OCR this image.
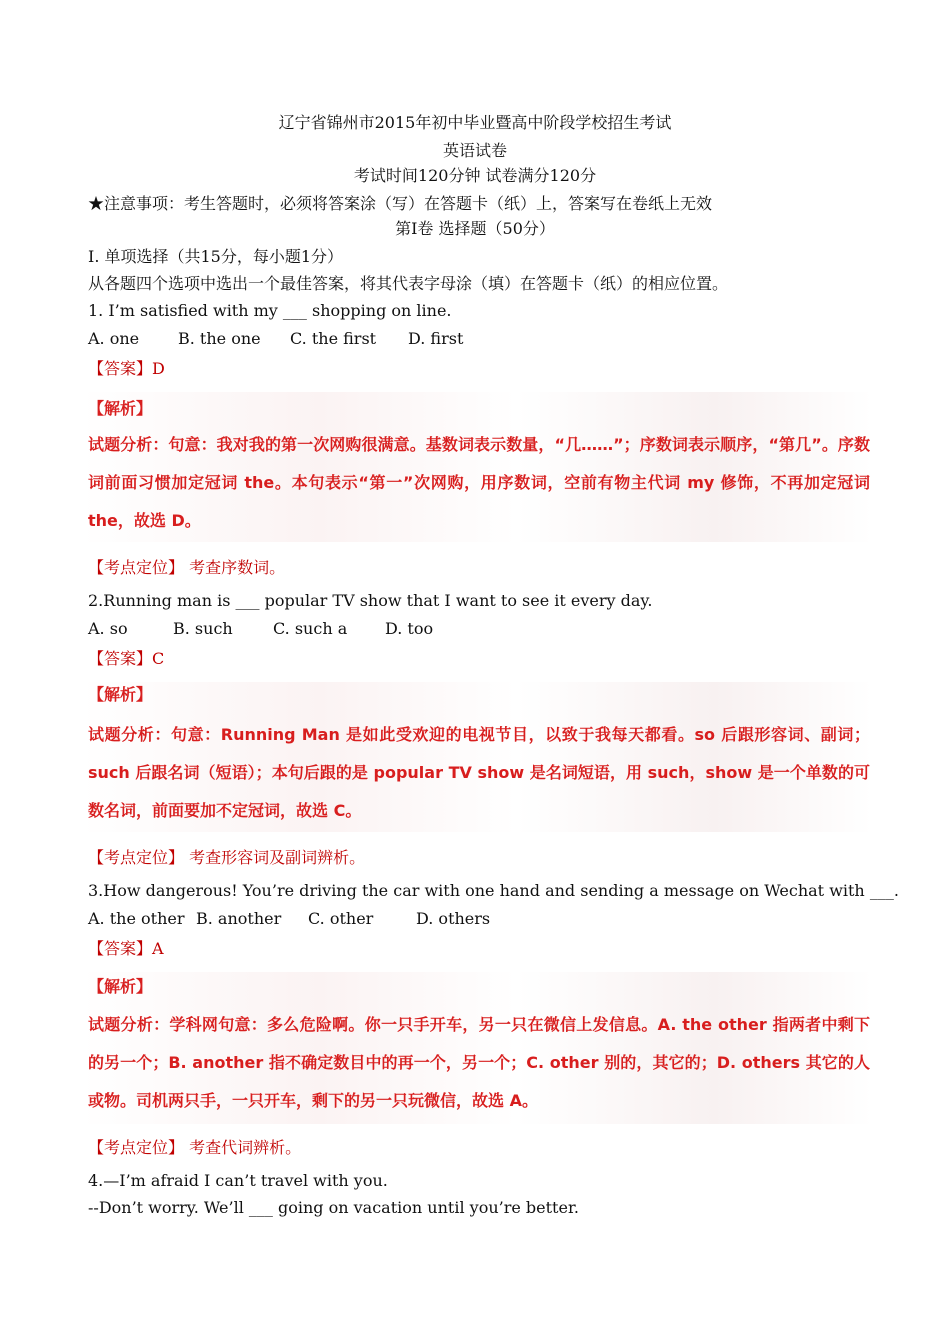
辽宁省锦州市2015年初中毕业暨高中阶段学校招生考试
英语试卷
考试时间120分钟 试卷满分120分
★注意事项：考生答题时，必须将答案涂（写）在答题卡（纸）上，答案写在卷纸上无效
第Ⅰ卷 选择题（50分）
Ⅰ. 单项选择（共15分，每小题1分）
从各题四个选项中选出一个最佳答案，将其代表字母涂（填）在答题卡（纸）的相应位置。
1. I’m satisfied with my ___ shopping on line.
A. one B. the one C. the first D. first
【答案】D
【解析】
试题分析：句意：我对我的第一次网购很满意。基数词表示数量，“几……”；序数词表示顺序，“第几”。序数词前面习惯加定冠词 the。本句表示“第一”次网购，用序数词，空前有物主代词 my 修饰，不再加定冠词 the，故选 D。
【考点定位】 考查序数词。
2.Running man is ___ popular TV show that I want to see it every day.
A. so	B. such	C. such a D. too
【答案】C
【解析】
试题分析：句意：Running Man 是如此受欢迎的电视节目，以致于我每天都看。so 后跟形容词、副词；such 后跟名词（短语）；本句后跟的是 popular TV show 是名词短语，用 such，show 是一个单数的可数名词，前面要加不定冠词，故选 C。
【考点定位】 考查形容词及副词辨析。
3.How dangerous! You’re driving the car with one hand and sending a message on Wechat with ___.
A. the other B. another C. other	D. others
【答案】A
【解析】
试题分析：学科网句意：多么危险啊。你一只手开车，另一只在微信上发信息。A. the other 指两者中剩下的另一个；B. another 指不确定数目中的再一个，另一个；C. other 别的，其它的；D. others 其它的人或物。司机两只手，一只开车，剩下的另一只玩微信，故选 A。
【考点定位】 考查代词辨析。
4.—I’m afraid I can’t travel with you.
--Don’t worry. We’ll ___ going on vacation until you’re better.
